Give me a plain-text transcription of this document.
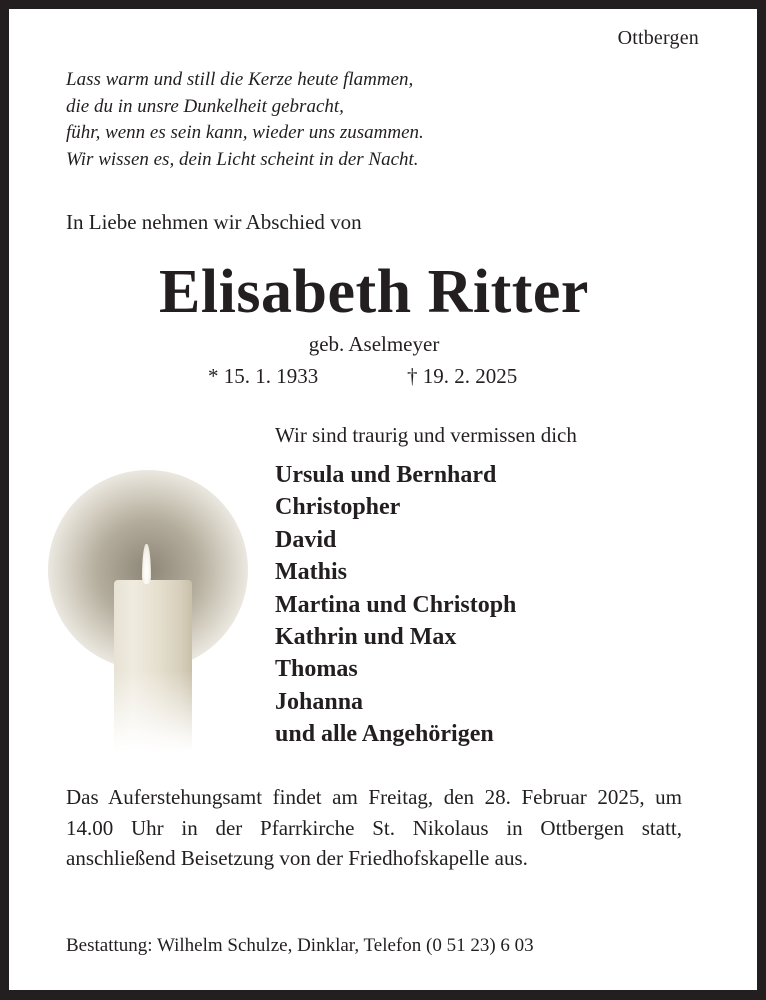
Ottbergen
Lass warm und still die Kerze heute flammen,
die du in unsre Dunkelheit gebracht,
führ, wenn es sein kann, wieder uns zusammen.
Wir wissen es, dein Licht scheint in der Nacht.
In Liebe nehmen wir Abschied von
Elisabeth Ritter
geb. Aselmeyer
* 15. 1. 1933	† 19. 2. 2025
Wir sind traurig und vermissen dich
Ursula und Bernhard
Christopher
David
Mathis
Martina und Christoph
Kathrin und Max
Thomas
Johanna
und alle Angehörigen
Das Auferstehungsamt findet am Freitag, den 28. Februar 2025, um 14.00 Uhr in der Pfarrkirche St. Nikolaus in Ottbergen statt, anschließend Beisetzung von der Friedhofskapelle aus.
Bestattung: Wilhelm Schulze, Dinklar, Telefon (0 51 23) 6 03
